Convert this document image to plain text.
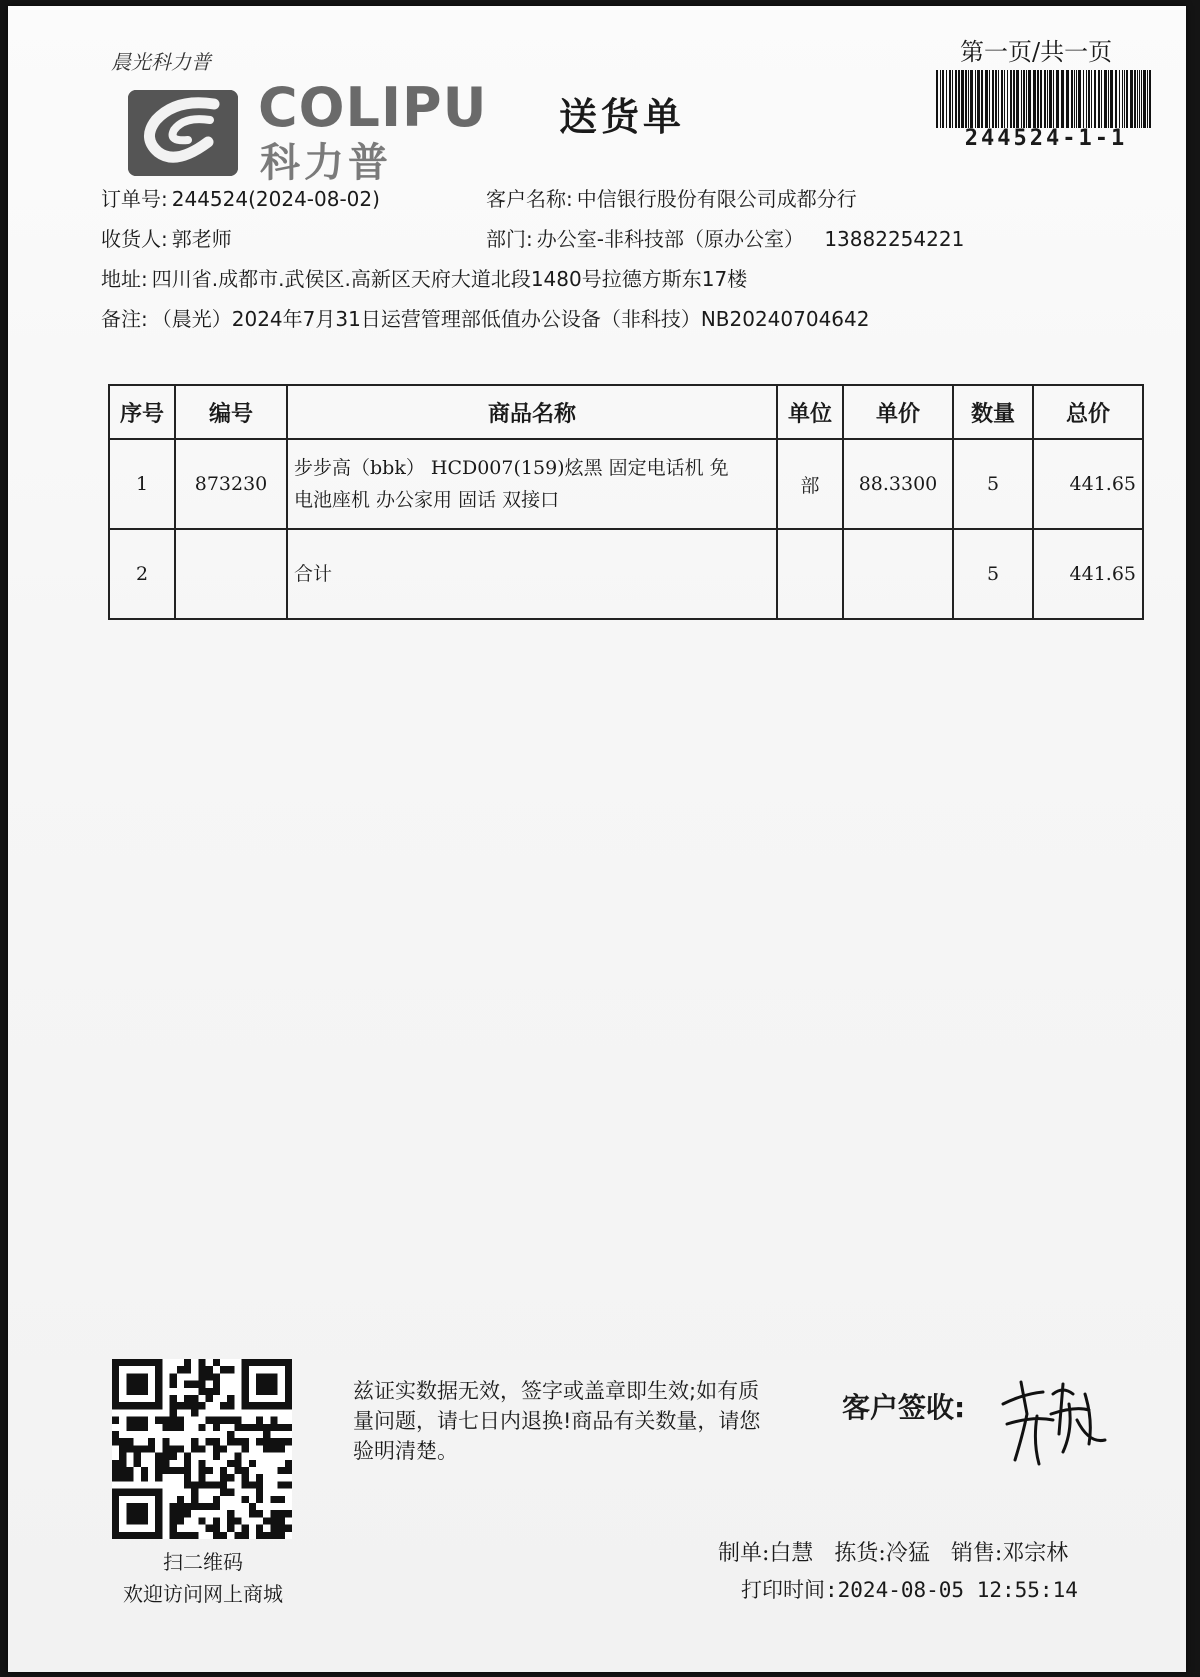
晨光科力普
COLIPU
科力普
送货单
第一页/共一页
244524-1-1
订单号: 244524(2024-08-02)	客户名称: 中信银行股份有限公司成都分行
收货人: 郭老师	部门: 办公室-非科技部（原办公室） 13882254221
地址: 四川省.成都市.武侯区.高新区天府大道北段1480号拉德方斯东17楼
备注: （晨光）2024年7月31日运营管理部低值办公设备（非科技）NB20240704642
序号	编号	商品名称	单位	单价	数量	总价
1	873230	步步高（bbk） HCD007(159)炫黑 固定电话机 免
电池座机 办公家用 固话 双接口	部	88.3300	5	441.65
2		合计			5	441.65
扫二维码
欢迎访问网上商城
兹证实数据无效，签字或盖章即生效;如有质量问题，请七日内退换!商品有关数量，请您验明清楚。
客户签收:
制单:白慧 拣货:冷猛 销售:邓宗林
打印时间:2024-08-05 12:55:14
